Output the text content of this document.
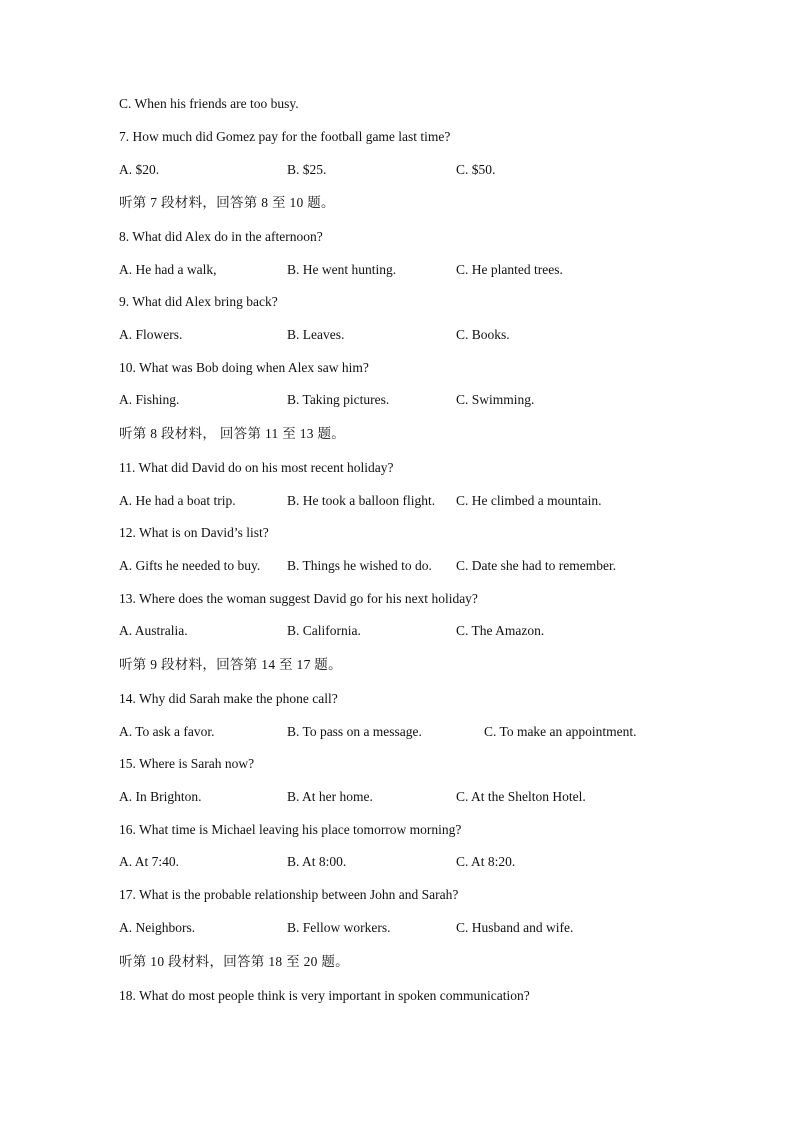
C. When his friends are too busy.
7. How much did Gomez pay for the football game last time?
A. $20.	B. $25.	C. $50.
听第 7 段材料，回答第 8 至 10 题。
8. What did Alex do in the afternoon?
A. He had a walk,	B. He went hunting.	C. He planted trees.
9. What did Alex bring back?
A. Flowers.	B. Leaves.	C. Books.
10. What was Bob doing when Alex saw him?
A. Fishing.	B. Taking pictures.	C. Swimming.
听第 8 段材料， 回答第 11 至 13 题。
11. What did David do on his most recent holiday?
A. He had a boat trip.	B. He took a balloon flight. C. He climbed a mountain.
12. What is on David’s list?
A. Gifts he needed to buy. B. Things he wished to do. C. Date she had to remember.
13. Where does the woman suggest David go for his next holiday?
A. Australia.	B. California.	C. The Amazon.
听第 9 段材料，回答第 14 至 17 题。
14. Why did Sarah make the phone call?
A. To ask a favor.	B. To pass on a message.	C. To make an appointment.
15. Where is Sarah now?
A. In Brighton.	B. At her home.	C. At the Shelton Hotel.
16. What time is Michael leaving his place tomorrow morning?
A. At 7:40.	B. At 8:00.	C. At 8:20.
17. What is the probable relationship between John and Sarah?
A. Neighbors.	B. Fellow workers.	C. Husband and wife.
听第 10 段材料，回答第 18 至 20 题。
18. What do most people think is very important in spoken communication?
